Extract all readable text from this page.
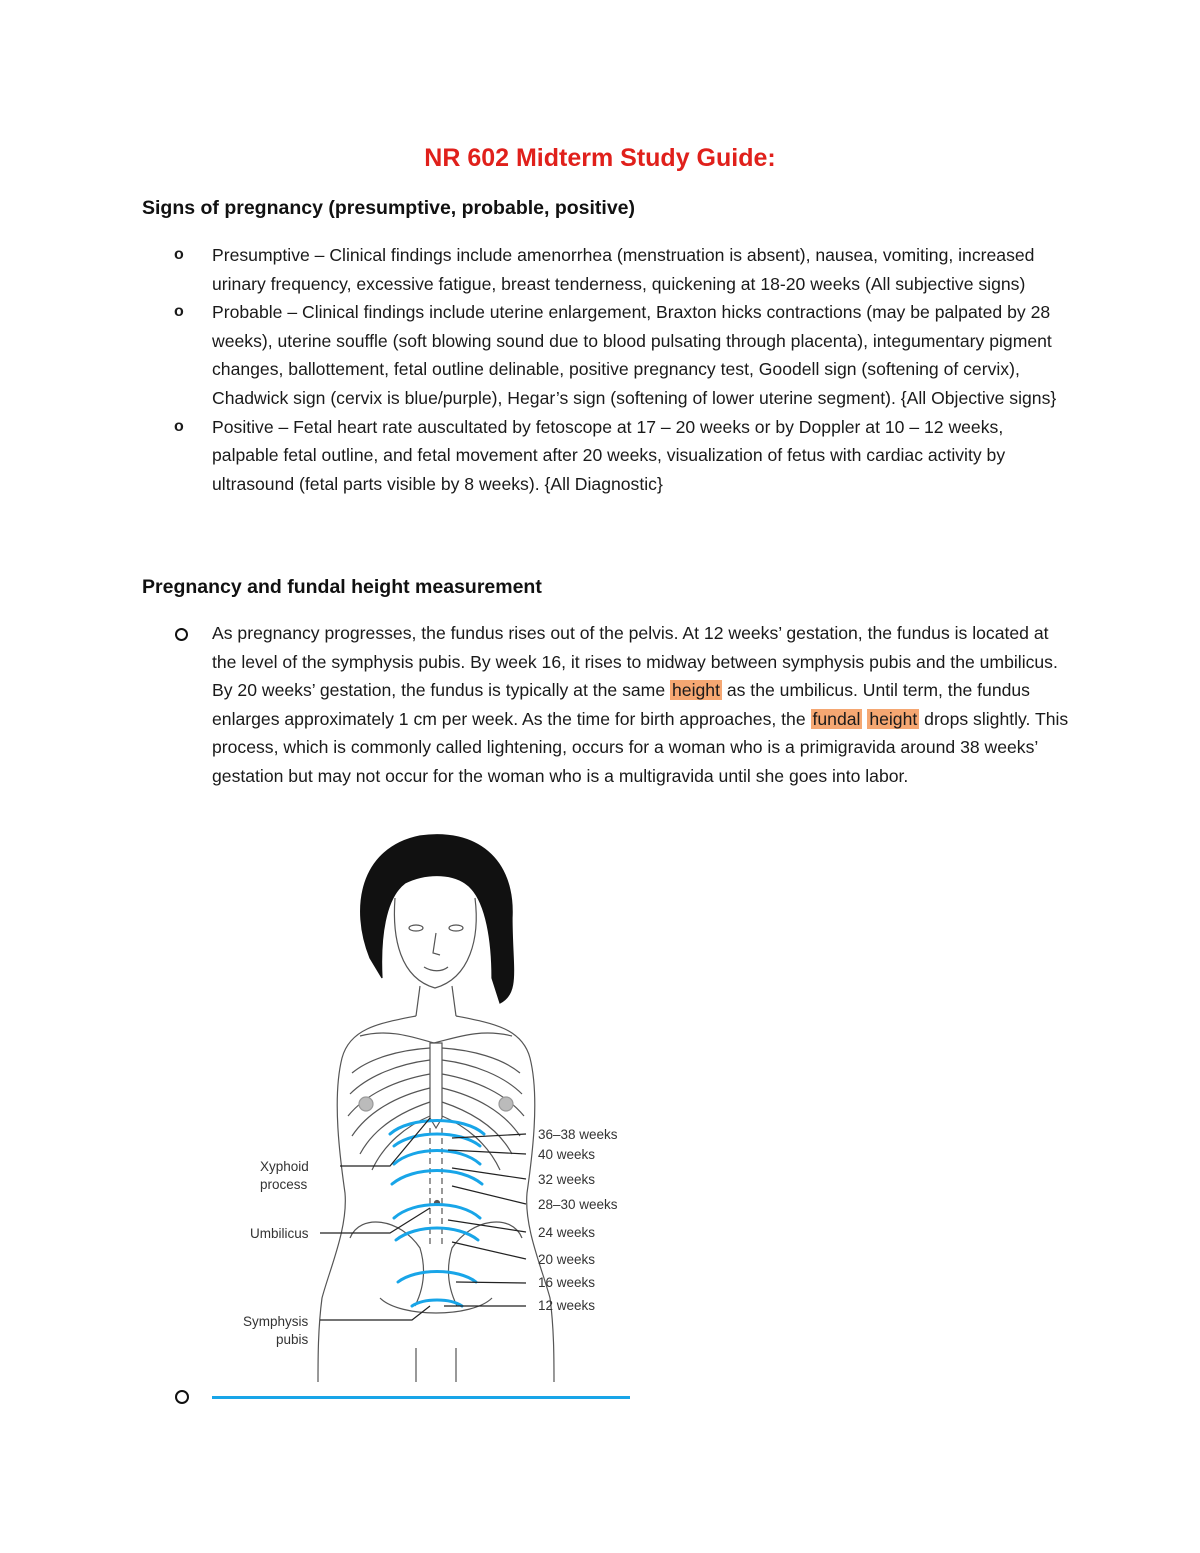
NR 602 Midterm Study Guide:
Signs of pregnancy (presumptive, probable, positive)
o Presumptive – Clinical findings include amenorrhea (menstruation is absent), nausea, vomiting, increased urinary frequency, excessive fatigue, breast tenderness, quickening at 18-20 weeks (All subjective signs)
o Probable – Clinical findings include uterine enlargement, Braxton hicks contractions (may be palpated by 28 weeks), uterine souffle (soft blowing sound due to blood pulsating through placenta), integumentary pigment changes, ballottement, fetal outline delinable, positive pregnancy test, Goodell sign (softening of cervix), Chadwick sign (cervix is blue/purple), Hegar’s sign (softening of lower uterine segment). {All Objective signs}
o Positive – Fetal heart rate auscultated by fetoscope at 17 – 20 weeks or by Doppler at 10 – 12 weeks, palpable fetal outline, and fetal movement after 20 weeks, visualization of fetus with cardiac activity by ultrasound (fetal parts visible by 8 weeks). {All Diagnostic}
Pregnancy and fundal height measurement
As pregnancy progresses, the fundus rises out of the pelvis. At 12 weeks’ gestation, the fundus is located at the level of the symphysis pubis. By week 16, it rises to midway between symphysis pubis and the umbilicus. By 20 weeks’ gestation, the fundus is typically at the same height as the umbilicus. Until term, the fundus enlarges approximately 1 cm per week. As the time for birth approaches, the fundal height drops slightly. This process, which is commonly called lightening, occurs for a woman who is a primigravida around 38 weeks’ gestation but may not occur for the woman who is a multigravida until she goes into labor.
Xyphoid
process
Umbilicus
Symphysis
pubis
36–38 weeks
40 weeks
32 weeks
28–30 weeks
24 weeks
20 weeks
16 weeks
12 weeks
